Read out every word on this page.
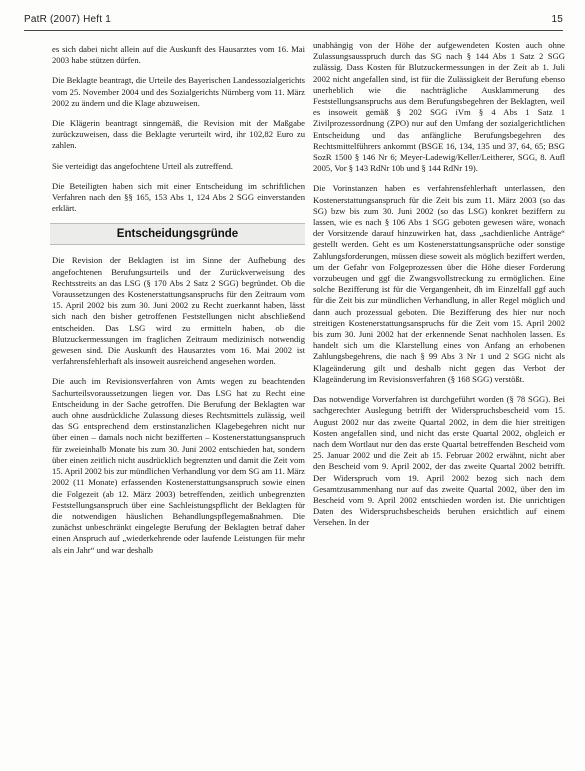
PatR (2007) Heft 1	15

es sich dabei nicht allein auf die Auskunft des Hausarztes vom 16. Mai 2003 habe stützen dürfen.

Die Beklagte beantragt, die Urteile des Bayerischen Landessozialgerichts vom 25. November 2004 und des Sozialgerichts Nürnberg vom 11. März 2002 zu ändern und die Klage abzuweisen.

Die Klägerin beantragt sinngemäß, die Revision mit der Maßgabe zurückzuweisen, dass die Beklagte verurteilt wird, ihr 102,82 Euro zu zahlen.

Sie verteidigt das angefochtene Urteil als zutreffend.

Die Beteiligten haben sich mit einer Entscheidung im schriftlichen Verfahren nach den §§ 165, 153 Abs 1, 124 Abs 2 SGG einverstanden erklärt.

Entscheidungsgründe

Die Revision der Beklagten ist im Sinne der Aufhebung des angefochtenen Berufungsurteils und der Zurückverweisung des Rechtsstreits an das LSG (§ 170 Abs 2 Satz 2 SGG) begründet. Ob die Voraussetzungen des Kostenerstattungsanspruchs für den Zeitraum vom 15. April 2002 bis zum 30. Juni 2002 zu Recht zuerkannt haben, lässt sich nach den bisher getroffenen Feststellungen nicht abschließend entscheiden. Das LSG wird zu ermitteln haben, ob die Blutzuckermessungen im fraglichen Zeitraum medizinisch notwendig gewesen sind. Die Auskunft des Hausarztes vom 16. Mai 2002 ist verfahrensfehlerhaft als insoweit ausreichend angesehen worden.

Die auch im Revisionsverfahren von Amts wegen zu beachtenden Sachurteilsvoraussetzungen liegen vor. Das LSG hat zu Recht eine Entscheidung in der Sache getroffen. Die Berufung der Beklagten war auch ohne ausdrückliche Zulassung dieses Rechtsmittels zulässig, weil das SG entsprechend dem erstinstanzlichen Klagebegehren nicht nur über einen – damals noch nicht bezifferten – Kostenerstattungsanspruch für zweieinhalb Monate bis zum 30. Juni 2002 entschieden hat, sondern über einen zeitlich nicht ausdrücklich begrenzten und damit die Zeit vom 15. April 2002 bis zur mündlichen Verhandlung vor dem SG am 11. März 2002 (11 Monate) erfassenden Kostenerstattungsanspruch sowie einen die Folgezeit (ab 12. März 2003) betreffenden, zeitlich unbegrenzten Feststellungsanspruch über eine Sachleistungspflicht der Beklagten für die notwendigen häuslichen Behandlungspflegemaßnahmen. Die zunächst unbeschränkt eingelegte Berufung der Beklagten betraf daher einen Anspruch auf „wiederkehrende oder laufende Leistungen für mehr als ein Jahr“ und war deshalb

unabhängig von der Höhe der aufgewendeten Kosten auch ohne Zulassungsausspruch durch das SG nach § 144 Abs 1 Satz 2 SGG zulässig. Dass Kosten für Blutzuckermessungen in der Zeit ab 1. Juli 2002 nicht angefallen sind, ist für die Zulässigkeit der Berufung ebenso unerheblich wie die nachträgliche Ausklammerung des Feststellungsanspruchs aus dem Berufungsbegehren der Beklagten, weil es insoweit gemäß § 202 SGG iVm § 4 Abs 1 Satz 1 Zivilprozessordnung (ZPO) nur auf den Umfang der sozialgerichtlichen Entscheidung und das anfängliche Berufungsbegehren des Rechtsmittelführers ankommt (BSGE 16, 134, 135 und 37, 64, 65; BSG SozR 1500 § 146 Nr 6; Meyer-Ladewig/Keller/Leitherer, SGG, 8. Aufl 2005, Vor § 143 RdNr 10b und § 144 RdNr 19).

Die Vorinstanzen haben es verfahrensfehlerhaft unterlassen, den Kostenerstattungsanspruch für die Zeit bis zum 11. März 2003 (so das SG) bzw bis zum 30. Juni 2002 (so das LSG) konkret beziffern zu lassen, wie es nach § 106 Abs 1 SGG geboten gewesen wäre, wonach der Vorsitzende darauf hinzuwirken hat, dass „sachdienliche Anträge“ gestellt werden. Geht es um Kostenerstattungsansprüche oder sonstige Zahlungsforderungen, müssen diese soweit als möglich beziffert werden, um der Gefahr von Folgeprozessen über die Höhe dieser Forderung vorzubeugen und ggf die Zwangsvollstreckung zu ermöglichen. Eine solche Bezifferung ist für die Vergangenheit, dh im Einzelfall ggf auch für die Zeit bis zur mündlichen Verhandlung, in aller Regel möglich und dann auch prozessual geboten. Die Bezifferung des hier nur noch streitigen Kostenerstattungsanspruchs für die Zeit vom 15. April 2002 bis zum 30. Juni 2002 hat der erkennende Senat nachholen lassen. Es handelt sich um die Klarstellung eines von Anfang an erhobenen Zahlungsbegehrens, die nach § 99 Abs 3 Nr 1 und 2 SGG nicht als Klageänderung gilt und deshalb nicht gegen das Verbot der Klageänderung im Revisionsverfahren (§ 168 SGG) verstößt.

Das notwendige Vorverfahren ist durchgeführt worden (§ 78 SGG). Bei sachgerechter Auslegung betrifft der Widerspruchsbescheid vom 15. August 2002 nur das zweite Quartal 2002, in dem die hier streitigen Kosten angefallen sind, und nicht das erste Quartal 2002, obgleich er nach dem Wortlaut nur den das erste Quartal betreffenden Bescheid vom 25. Januar 2002 und die Zeit ab 15. Februar 2002 erwähnt, nicht aber den Bescheid vom 9. April 2002, der das zweite Quartal 2002 betrifft. Der Widerspruch vom 19. April 2002 bezog sich nach dem Gesamtzusammenhang nur auf das zweite Quartal 2002, über den im Bescheid vom 9. April 2002 entschieden worden ist. Die unrichtigen Daten des Widerspruchsbescheids beruhen ersichtlich auf einem Versehen. In der
